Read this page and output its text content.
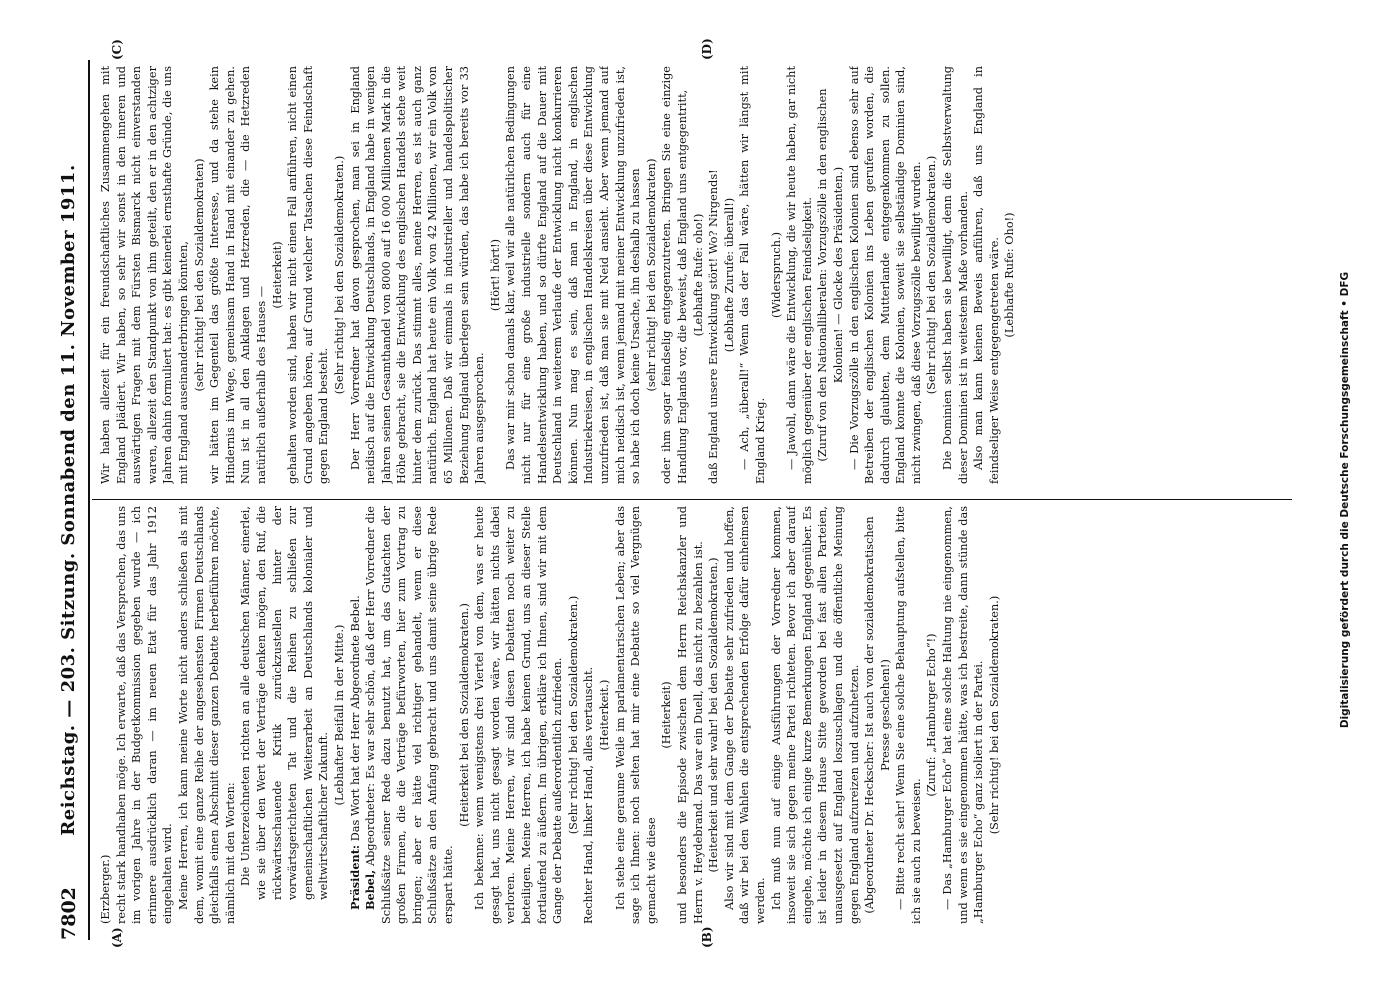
7802
Reichstag. — 203. Sitzung. Sonnabend den 11. November 1911.
(A)	(B)
(C)	(D)

(Erzberger.) recht stark handhaben möge. Ich erwarte, daß das Versprechen, das uns im vorigen Jahre in der Budgetkommission gegeben wurde — ich erinnere ausdrücklich daran — im neuen Etat für das Jahr 1912 eingehalten wird. Meine Herren, ich kann meine Worte nicht anders schließen als mit dem, womit eine ganze Reihe der angesehensten Firmen Deutschlands gleichfalls einen Abschnitt dieser ganzen Debatte herbeiführen möchte, nämlich mit den Worten: Die Unterzeichneten richten an alle deutschen Männer, einerlei, wie sie über den Wert der Verträge denken mögen, den Ruf, die rückwärtsschauende Kritik zurückzustellen hinter der vorwärtsgerichteten Tat und die Reihen zu schließen zur gemeinschaftlichen Weiterarbeit an Deutschlands kolonialer und weltwirtschaftlicher Zukunft.

(Lebhafter Beifall in der Mitte.)

Präsident: Das Wort hat der Herr Abgeordnete Bebel.

Bebel, Abgeordneter: Es war sehr schön, daß der Herr Vorredner die Schlußsätze seiner Rede dazu benutzt hat, um das Gutachten der großen Firmen, die die Verträge befürworten, hier zum Vortrag zu bringen; aber er hätte viel richtiger gehandelt, wenn er diese Schlußsätze an den Anfang gebracht und uns damit seine übrige Rede erspart hätte.

(Heiterkeit bei den Sozialdemokraten.) Ich bekenne: wenn wenigstens drei Viertel von dem, was er heute gesagt hat, uns nicht gesagt worden wäre, wir hätten nichts dabei verloren. Meine Herren, wir sind diesen Debatten noch weiter zu beteiligen. Meine Herren, ich habe keinen Grund, uns an dieser Stelle fortlaufend zu äußern. Im übrigen, erkläre ich Ihnen, sind wir mit dem Gange der Debatte außerordentlich zufrieden. (Sehr richtig! bei den Sozialdemokraten.) Rechter Hand, linker Hand, alles vertauscht. (Heiterkeit.) Ich stehe eine geraume Weile im parlamentarischen Leben; aber das sage ich Ihnen: noch selten hat mir eine Debatte so viel Vergnügen gemacht wie diese

(Heiterkeit) und besonders die Episode zwischen dem Herrn Reichskanzler und Herrn v. Heydebrand. Das war ein Duell, das nicht zu bezahlen ist. (Heiterkeit und sehr wahr! bei den Sozialdemokraten.) Also wir sind mit dem Gange der Debatte sehr zufrieden und hoffen, daß wir bei den Wahlen die entsprechenden Erfolge dafür einheimsen werden. Ich muß nun auf einige Ausführungen der Vorredner kommen, insoweit sie sich gegen meine Partei richteten. Bevor ich aber darauf eingehe, möchte ich einige kurze Bemerkungen England gegenüber. Es ist leider in diesem Hause Sitte geworden bei fast allen Parteien, unausgesetzt auf England loszuschlagen und die öffentliche Meinung gegen England aufzureizen und aufzuhetzen. (Abgeordneter Dr. Heckscher: Ist auch von der sozialdemokratischen Presse geschehen!) — Bitte recht sehr! Wenn Sie eine solche Behauptung aufstellen, bitte ich sie auch zu beweisen.

(Zuruf: „Hamburger Echo“!) — Das „Hamburger Echo“ hat eine solche Haltung nie eingenommen, und wenn es sie eingenommen hätte, was ich bestreite, dann stünde das „Hamburger Echo“ ganz isoliert in der Partei. (Sehr richtig! bei den Sozialdemokraten.)

Wir haben allezeit für ein freundschaftliches Zusammengehen mit England plädiert. Wir haben, so sehr wir sonst in den inneren und auswärtigen Fragen mit dem Fürsten Bismarck nicht einverstanden waren, allezeit den Standpunkt von ihm geteilt, den er in den achtziger Jahren dahin formuliert hat: es gibt keinerlei ernsthafte Gründe, die uns mit England auseinanderbringen könnten, (sehr richtig! bei den Sozialdemokraten) wir hätten im Gegenteil das größte Interesse, und da stehe kein Hindernis im Wege, gemeinsam Hand in Hand mit einander zu gehen. Nun ist in all den Anklagen und Hetzreden, die — die Hetzreden natürlich außerhalb des Hauses —

(Heiterkeit) gehalten worden sind, haben wir nicht einen Fall anführen, nicht einen Grund angeben hören, auf Grund welcher Tatsachen diese Feindschaft gegen England besteht.

(Sehr richtig! bei den Sozialdemokraten.) Der Herr Vorredner hat davon gesprochen, man sei in England neidisch auf die Entwicklung Deutschlands, in England habe in wenigen Jahren seinen Gesamthandel von 8000 auf 16 000 Millionen Mark in die Höhe gebracht, sie die Entwicklung des englischen Handels stehe weit hinter dem zurück. Das stimmt alles, meine Herren, es ist auch ganz natürlich. England hat heute ein Volk von 42 Millionen, wir ein Volk von 65 Millionen. Daß wir einmals in industrieller und handelspolitischer Beziehung England überlegen sein würden, das habe ich bereits vor 33 Jahren ausgesprochen.

(Hört! hört!) Das war mir schon damals klar, weil wir alle natürlichen Bedingungen nicht nur für eine große industrielle sondern auch für eine Handelsentwicklung haben, und so dürfte England auf die Dauer mit Deutschland in weiterem Verlaufe der Entwicklung nicht konkurrieren können. Nun mag es sein, daß man in England, in englischen Industriekreisen, in englischen Handelskreisen über diese Entwicklung unzufrieden ist, daß man sie mit Neid ansieht. Aber wenn jemand auf mich neidisch ist, wenn jemand mit meiner Entwicklung unzufrieden ist, so habe ich doch keine Ursache, ihn deshalb zu hassen (sehr richtig! bei den Sozialdemokraten) oder ihm sogar feindselig entgegenzutreten. Bringen Sie eine einzige Handlung Englands vor, die beweist, daß England uns entgegentritt, (Lebhafte Rufe: oho!) daß England unsere Entwicklung stört! Wo? Nirgends! (Lebhafte Zurufe: überall!) — Ach, „überall!“ Wenn das der Fall wäre, hätten wir längst mit England Krieg.

(Widerspruch.) — Jawohl, dann wäre die Entwicklung, die wir heute haben, gar nicht möglich gegenüber der englischen Feindseligkeit. (Zuruf von den Nationalliberalen: Vorzugszölle in den englischen Kolonien! — Glocke des Präsidenten.) — Die Vorzugszölle in den englischen Kolonien sind ebenso sehr auf Betreiben der englischen Kolonien ins Leben gerufen worden, die dadurch glaubten, dem Mutterlande entgegenkommen zu sollen. England konnte die Kolonien, soweit sie selbständige Dominien sind, nicht zwingen, daß diese Vorzugszölle bewilligt wurden. (Sehr richtig! bei den Sozialdemokraten.) Die Dominien selbst haben sie bewilligt, denn die Selbstverwaltung dieser Dominien ist in weitestem Maße vorhanden. Also man kann keinen Beweis anführen, daß uns England in feindseliger Weise entgegengetreten wäre. (Lebhafte Rufe: Oho!)	Digitalisierung gefördert durch die Deutsche Forschungsgemeinschaft • DFG
